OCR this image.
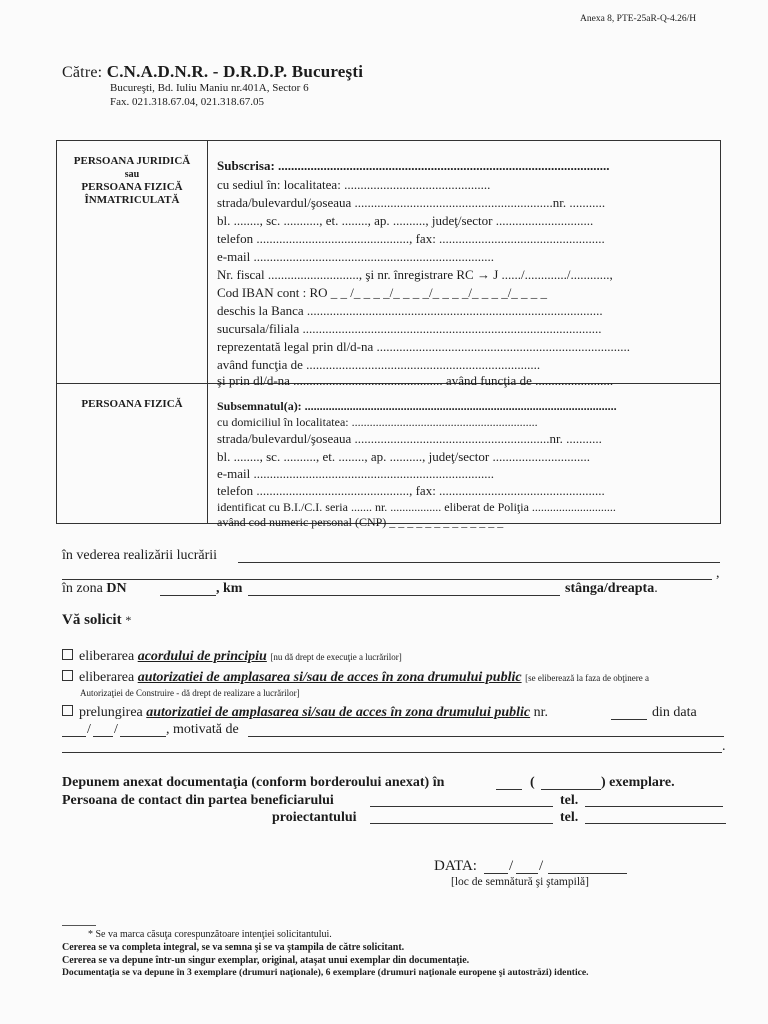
Anexa 8, PTE-25aR-Q-4.26/H
Către: C.N.A.D.N.R. - D.R.D.P. Bucureşti
Bucureşti, Bd. Iuliu Maniu nr.401A, Sector 6
Fax. 021.318.67.04, 021.318.67.05
PERSOANA JURIDICĂ
sau
PERSOANA FIZICĂ
ÎNMATRICULATĂ
Subscrisa: ......................................................................................................
cu sediul în: localitatea: .............................................
strada/bulevardul/şoseaua .............................................................nr. ...........
bl. ........, sc. ..........., et. ........, ap. .........., judeţ/sector ..............................
telefon ..............................................., fax: ...................................................
e-mail ..........................................................................
Nr. fiscal ............................, şi nr. înregistrare RC → J ....../............./............,
Cod IBAN cont : RO _ _ /_ _ _ _/_ _ _ _/_ _ _ _/_ _ _ _/_ _ _ _
deschis la Banca ...........................................................................................
sucursala/filiala ............................................................................................
reprezentată legal prin dl/d-na ..............................................................................
având funcţia de ........................................................................
şi prin dl/d-na .............................................. având funcţia de ........................
PERSOANA FIZICĂ	Subsemnatul(a): ........................................................................................................
cu domiciliul în localitatea: ..............................................................
strada/bulevardul/şoseaua ............................................................nr. ...........
bl. ........, sc. .........., et. ........, ap. .........., judeţ/sector ..............................
e-mail ..........................................................................
telefon ..............................................., fax: ...................................................
identificat cu B.I./C.I. seria ....... nr. ................. eliberat de Poliţia ............................
având cod numeric personal (CNP) _ _ _ _ _ _ _ _ _ _ _ _ _
în vederea realizării lucrării
,
în zona DN	, km	stânga/dreapta.
Vă solicit *
eliberarea acordului de principiu [nu dă drept de execuţie a lucrărilor]
eliberarea autorizatiei de amplasarea si/sau de acces în zona drumului public [se eliberează la faza de obţinere a
Autorizaţiei de Construire - dă drept de realizare a lucrărilor]
prelungirea autorizatiei de amplasarea si/sau de acces în zona drumului public nr.	din data
/ /	, motivată de
.
Depunem anexat documentaţia (conform borderoului anexat) în	(	) exemplare.
Persoana de contact din partea beneficiarului	tel.
proiectantului	tel.
DATA: / /
[loc de semnătură şi ştampilă]
* Se va marca căsuţa corespunzătoare intenţiei solicitantului.
Cererea se va completa integral, se va semna şi se va ştampila de către solicitant.
Cererea se va depune într-un singur exemplar, original, ataşat unui exemplar din documentaţie.
Documentaţia se va depune în 3 exemplare (drumuri naţionale), 6 exemplare (drumuri naţionale europene şi autostrăzi) identice.
